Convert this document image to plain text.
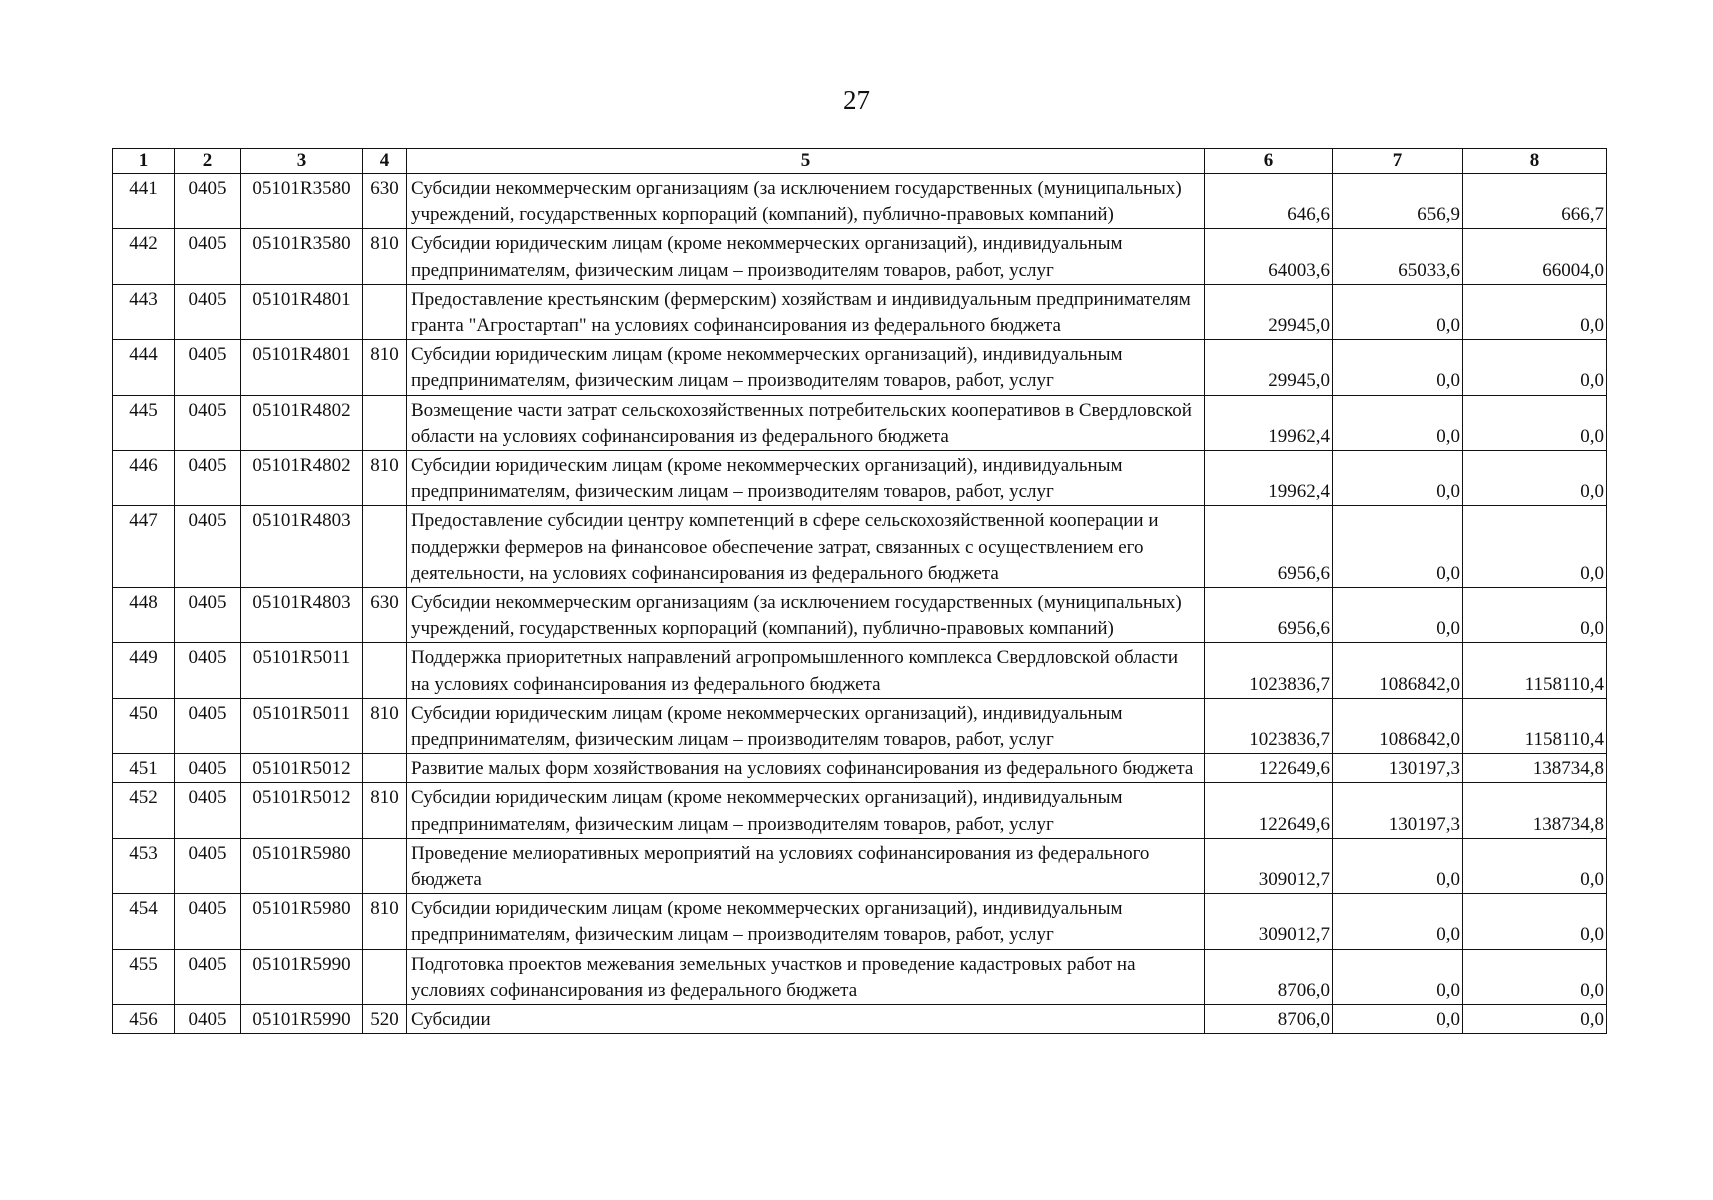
27
1	2	3	4	5	6	7	8
441	0405	05101R3580	630	Субсидии некоммерческим организациям (за исключением государственных (муниципальных) учреждений, государственных корпораций (компаний), публично-правовых компаний)	646,6	656,9	666,7
442	0405	05101R3580	810	Субсидии юридическим лицам (кроме некоммерческих организаций), индивидуальным предпринимателям, физическим лицам – производителям товаров, работ, услуг	64003,6	65033,6	66004,0
443	0405	05101R4801		Предоставление крестьянским (фермерским) хозяйствам и индивидуальным предпринимателям гранта "Агростартап" на условиях софинансирования из федерального бюджета	29945,0	0,0	0,0
444	0405	05101R4801	810	Субсидии юридическим лицам (кроме некоммерческих организаций), индивидуальным предпринимателям, физическим лицам – производителям товаров, работ, услуг	29945,0	0,0	0,0
445	0405	05101R4802		Возмещение части затрат сельскохозяйственных потребительских кооперативов в Свердловской области на условиях софинансирования из федерального бюджета	19962,4	0,0	0,0
446	0405	05101R4802	810	Субсидии юридическим лицам (кроме некоммерческих организаций), индивидуальным предпринимателям, физическим лицам – производителям товаров, работ, услуг	19962,4	0,0	0,0
447	0405	05101R4803		Предоставление субсидии центру компетенций в сфере сельскохозяйственной кооперации и поддержки фермеров на финансовое обеспечение затрат, связанных с осуществлением его деятельности, на условиях софинансирования из федерального бюджета	6956,6	0,0	0,0
448	0405	05101R4803	630	Субсидии некоммерческим организациям (за исключением государственных (муниципальных) учреждений, государственных корпораций (компаний), публично-правовых компаний)	6956,6	0,0	0,0
449	0405	05101R5011		Поддержка приоритетных направлений агропромышленного комплекса Свердловской области на условиях софинансирования из федерального бюджета	1023836,7	1086842,0	1158110,4
450	0405	05101R5011	810	Субсидии юридическим лицам (кроме некоммерческих организаций), индивидуальным предпринимателям, физическим лицам – производителям товаров, работ, услуг	1023836,7	1086842,0	1158110,4
451	0405	05101R5012		Развитие малых форм хозяйствования на условиях софинансирования из федерального бюджета	122649,6	130197,3	138734,8
452	0405	05101R5012	810	Субсидии юридическим лицам (кроме некоммерческих организаций), индивидуальным предпринимателям, физическим лицам – производителям товаров, работ, услуг	122649,6	130197,3	138734,8
453	0405	05101R5980		Проведение мелиоративных мероприятий на условиях софинансирования из федерального бюджета	309012,7	0,0	0,0
454	0405	05101R5980	810	Субсидии юридическим лицам (кроме некоммерческих организаций), индивидуальным предпринимателям, физическим лицам – производителям товаров, работ, услуг	309012,7	0,0	0,0
455	0405	05101R5990		Подготовка проектов межевания земельных участков и проведение кадастровых работ на условиях софинансирования из федерального бюджета	8706,0	0,0	0,0
456	0405	05101R5990	520	Субсидии	8706,0	0,0	0,0
